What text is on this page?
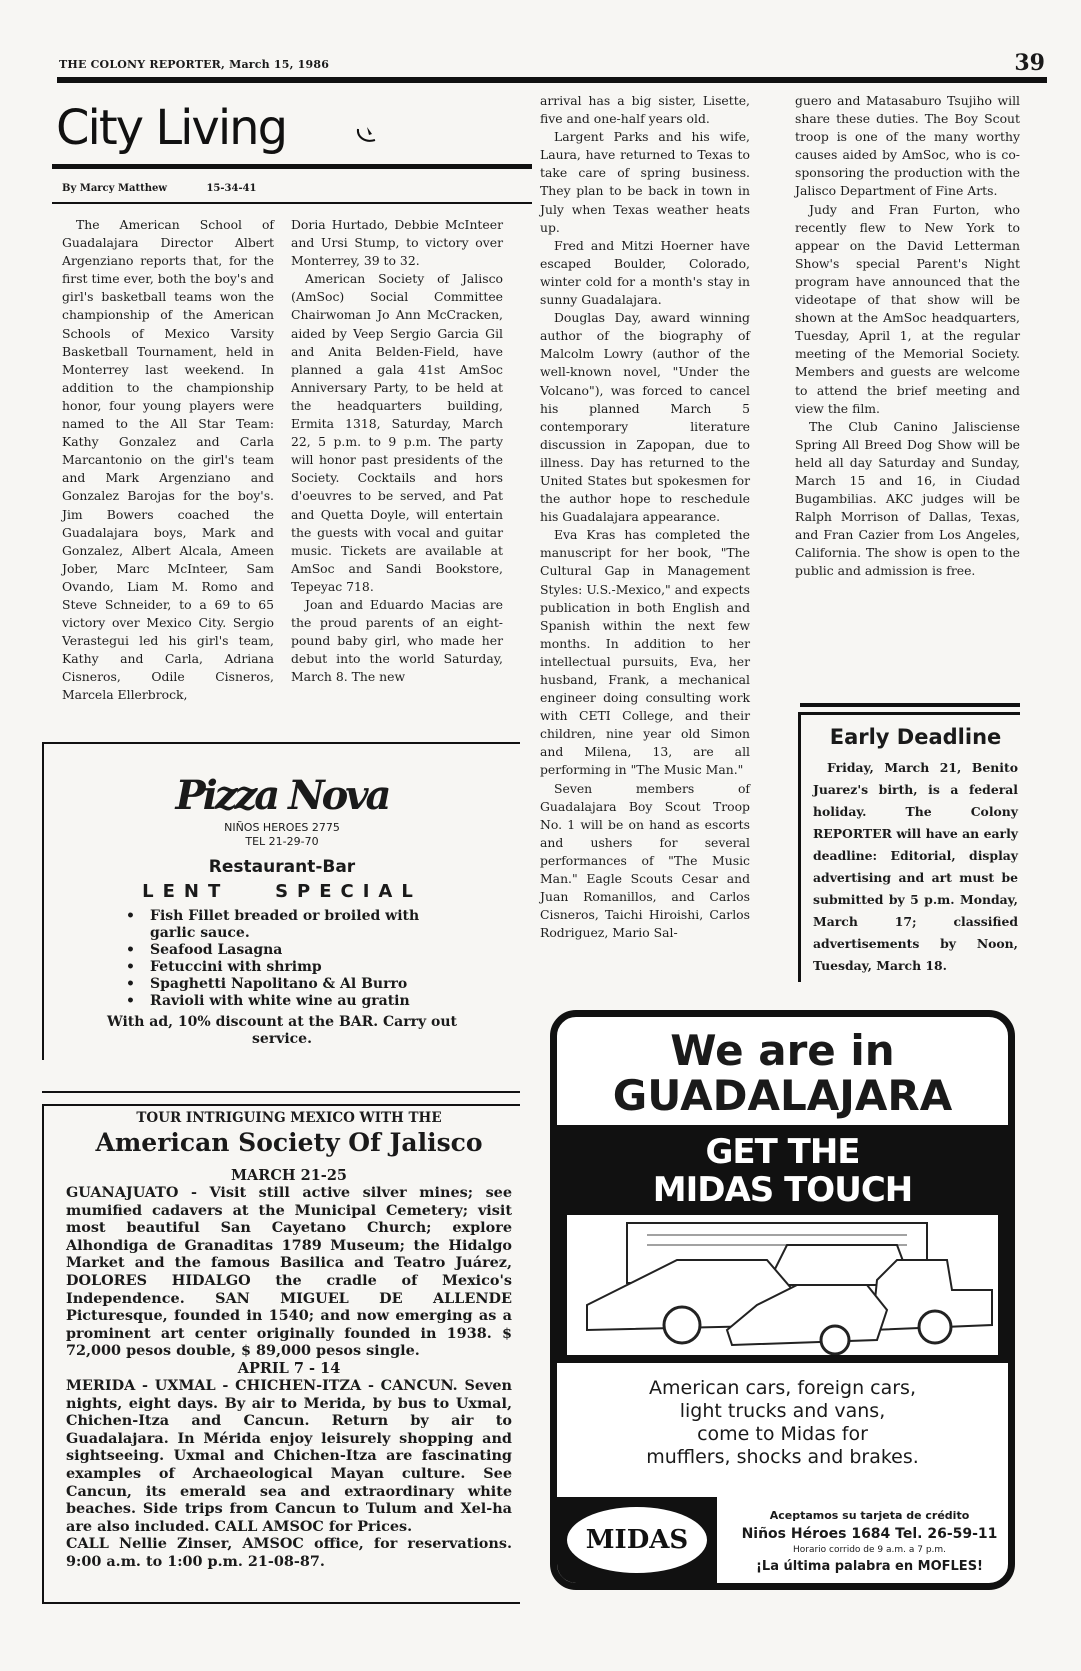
THE COLONY REPORTER, March 15, 1986	39
City Living
By Marcy Matthew	15-34-41

The American School of Guadalajara Director Albert Argenziano reports that, for the first time ever, both the boy's and girl's basketball teams won the championship of the American Schools of Mexico Varsity Basketball Tournament, held in Monterrey last weekend. In addition to the championship honor, four young players were named to the All Star Team: Kathy Gonzalez and Carla Marcantonio on the girl's team and Mark Argenziano and Gonzalez Barojas for the boy's. Jim Bowers coached the Guadalajara boys, Mark and Gonzalez, Albert Alcala, Ameen Jober, Marc McInteer, Sam Ovando, Liam M. Romo and Steve Schneider, to a 69 to 65 victory over Mexico City. Sergio Verastegui led his girl's team, Kathy and Carla, Adriana Cisneros, Odile Cisneros, Marcela Ellerbrock,

Doria Hurtado, Debbie McInteer and Ursi Stump, to victory over Monterrey, 39 to 32.

American Society of Jalisco (AmSoc) Social Committee Chairwoman Jo Ann McCracken, aided by Veep Sergio Garcia Gil and Anita Belden-Field, have planned a gala 41st AmSoc Anniversary Party, to be held at the headquarters building, Ermita 1318, Saturday, March 22, 5 p.m. to 9 p.m. The party will honor past presidents of the Society. Cocktails and hors d'oeuvres to be served, and Pat and Quetta Doyle, will entertain the guests with vocal and guitar music. Tickets are available at AmSoc and Sandi Bookstore, Tepeyac 718.

Joan and Eduardo Macias are the proud parents of an eight-pound baby girl, who made her debut into the world Saturday, March 8. The new

arrival has a big sister, Lisette, five and one-half years old.

Largent Parks and his wife, Laura, have returned to Texas to take care of spring business. They plan to be back in town in July when Texas weather heats up.

Fred and Mitzi Hoerner have escaped Boulder, Colorado, winter cold for a month's stay in sunny Guadalajara.

Douglas Day, award winning author of the biography of Malcolm Lowry (author of the well-known novel, "Under the Volcano"), was forced to cancel his planned March 5 contemporary literature discussion in Zapopan, due to illness. Day has returned to the United States but spokesmen for the author hope to reschedule his Guadalajara appearance.

Eva Kras has completed the manuscript for her book, "The Cultural Gap in Management Styles: U.S.-Mexico," and expects publication in both English and Spanish within the next few months. In addition to her intellectual pursuits, Eva, her husband, Frank, a mechanical engineer doing consulting work with CETI College, and their children, nine year old Simon and Milena, 13, are all performing in "The Music Man."

Seven members of Guadalajara Boy Scout Troop No. 1 will be on hand as escorts and ushers for several performances of "The Music Man." Eagle Scouts Cesar and Juan Romanillos, and Carlos Cisneros, Taichi Hiroishi, Carlos Rodriguez, Mario Sal-

guero and Matasaburo Tsujiho will share these duties. The Boy Scout troop is one of the many worthy causes aided by AmSoc, who is co-sponsoring the production with the Jalisco Department of Fine Arts.

Judy and Fran Furton, who recently flew to New York to appear on the David Letterman Show's special Parent's Night program have announced that the videotape of that show will be shown at the AmSoc headquarters, Tuesday, April 1, at the regular meeting of the Memorial Society. Members and guests are welcome to attend the brief meeting and view the film.

The Club Canino Jalisciense Spring All Breed Dog Show will be held all day Saturday and Sunday, March 15 and 16, in Ciudad Bugambilias. AKC judges will be Ralph Morrison of Dallas, Texas, and Fran Cazier from Los Angeles, California. The show is open to the public and admission is free.

Early Deadline
Friday, March 21, Benito Juarez's birth, is a federal holiday. The Colony REPORTER will have an early deadline: Editorial, display advertising and art must be submitted by 5 p.m. Monday, March 17; classified advertisements by Noon, Tuesday, March 18.
Pizza Nova
NIÑOS HEROES 2775
TEL 21-29-70
Restaurant-Bar
LENT   SPECIAL
• Fish Fillet breaded or broiled with garlic sauce.
• Seafood Lasagna
• Fetuccini with shrimp
• Spaghetti Napolitano & Al Burro
• Ravioli with white wine au gratin
With ad, 10% discount at the BAR. Carry out service.
TOUR INTRIGUING MEXICO WITH THE
American Society Of Jalisco
MARCH 21-25

GUANAJUATO - Visit still active silver mines; see mumified cadavers at the Municipal Cemetery; visit most beautiful San Cayetano Church; explore Alhondiga de Granaditas 1789 Museum; the Hidalgo Market and the famous Basilica and Teatro Juárez, DOLORES HIDALGO the cradle of Mexico's Independence. SAN MIGUEL DE ALLENDE Picturesque, founded in 1540; and now emerging as a prominent art center originally founded in 1938. $ 72,000 pesos double, $ 89,000 pesos single.

APRIL 7 - 14

MERIDA - UXMAL - CHICHEN-ITZA - CANCUN. Seven nights, eight days. By air to Merida, by bus to Uxmal, Chichen-Itza and Cancun. Return by air to Guadalajara. In Mérida enjoy leisurely shopping and sightseeing. Uxmal and Chichen-Itza are fascinating examples of Archaeological Mayan culture. See Cancun, its emerald sea and extraordinary white beaches. Side trips from Cancun to Tulum and Xel-ha are also included. CALL AMSOC for Prices.

CALL Nellie Zinser, AMSOC office, for reservations. 9:00 a.m. to 1:00 p.m. 21-08-87.

We are in
GUADALAJARA
GET THE
MIDAS TOUCH
American cars, foreign cars,
light trucks and vans,
come to Midas for
mufflers, shocks and brakes.
MIDAS
Aceptamos su tarjeta de crédito
Niños Héroes 1684 Tel. 26-59-11
Horario corrido de 9 a.m. a 7 p.m.
¡La última palabra en MOFLES!
